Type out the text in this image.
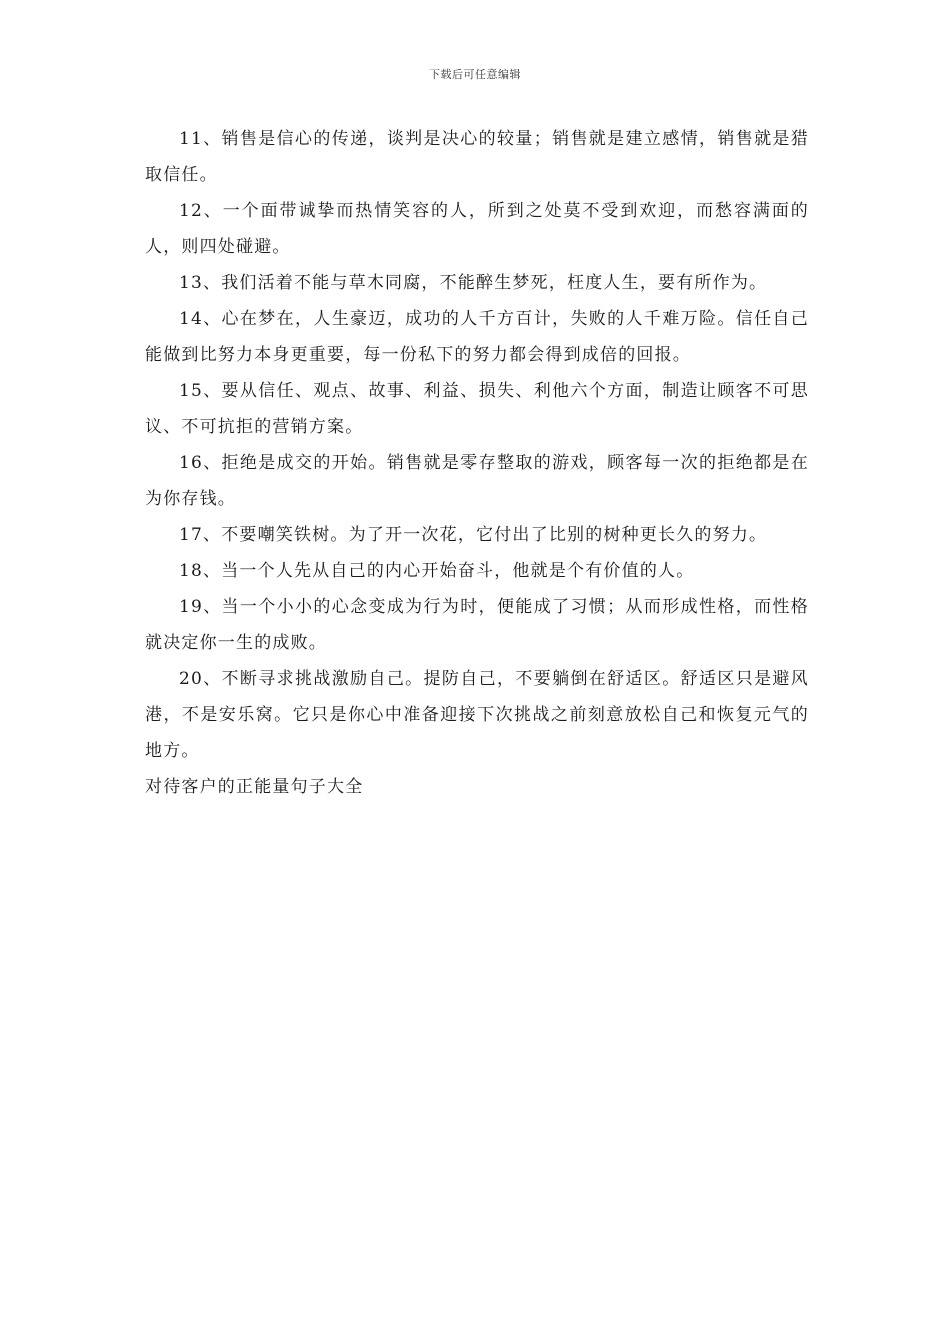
下载后可任意编辑

11、销售是信心的传递，谈判是决心的较量；销售就是建立感情，销售就是猎取信任。

12、一个面带诚挚而热情笑容的人，所到之处莫不受到欢迎，而愁容满面的人，则四处碰避。

13、我们活着不能与草木同腐，不能醉生梦死，枉度人生，要有所作为。

14、心在梦在，人生豪迈，成功的人千方百计，失败的人千难万险。信任自己能做到比努力本身更重要，每一份私下的努力都会得到成倍的回报。

15、要从信任、观点、故事、利益、损失、利他六个方面，制造让顾客不可思议、不可抗拒的营销方案。

16、拒绝是成交的开始。销售就是零存整取的游戏，顾客每一次的拒绝都是在为你存钱。

17、不要嘲笑铁树。为了开一次花，它付出了比别的树种更长久的努力。

18、当一个人先从自己的内心开始奋斗，他就是个有价值的人。

19、当一个小小的心念变成为行为时，便能成了习惯；从而形成性格，而性格就决定你一生的成败。

20、不断寻求挑战激励自己。提防自己，不要躺倒在舒适区。舒适区只是避风港，不是安乐窝。它只是你心中准备迎接下次挑战之前刻意放松自己和恢复元气的地方。

对待客户的正能量句子大全
